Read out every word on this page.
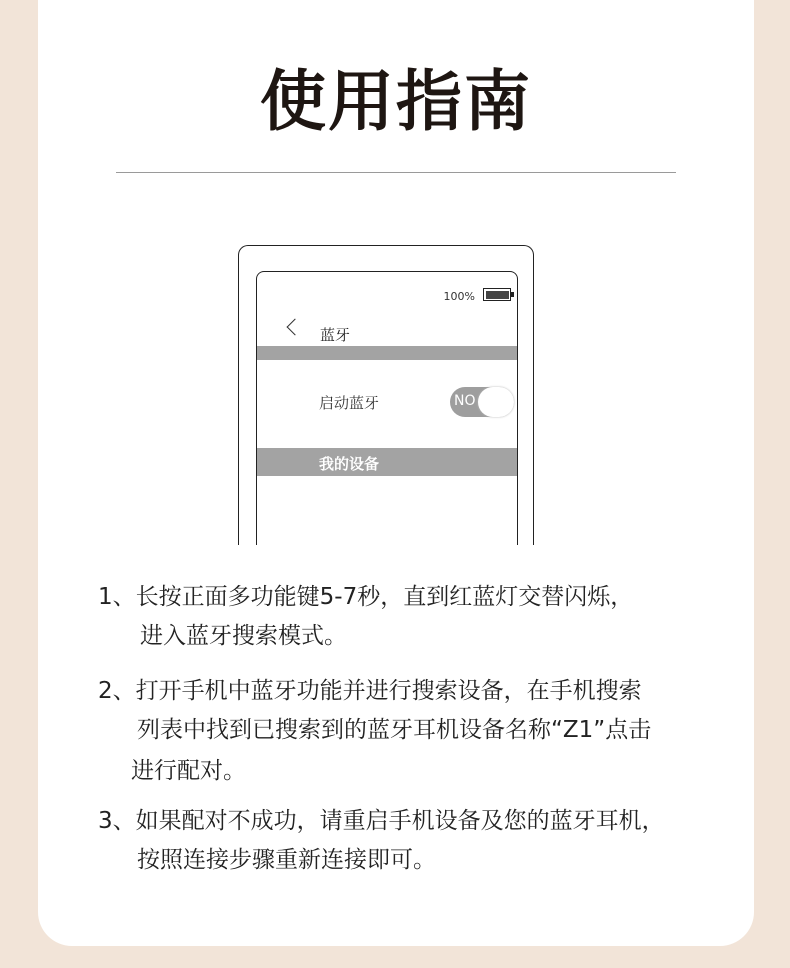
使用指南
100%
蓝牙
启动蓝牙	NO
我的设备
1、长按正面多功能键5-7秒，直到红蓝灯交替闪烁，
进入蓝牙搜索模式。
2、打开手机中蓝牙功能并进行搜索设备，在手机搜索
列表中找到已搜索到的蓝牙耳机设备名称“Z1”点击
进行配对。
3、如果配对不成功，请重启手机设备及您的蓝牙耳机，
按照连接步骤重新连接即可。
